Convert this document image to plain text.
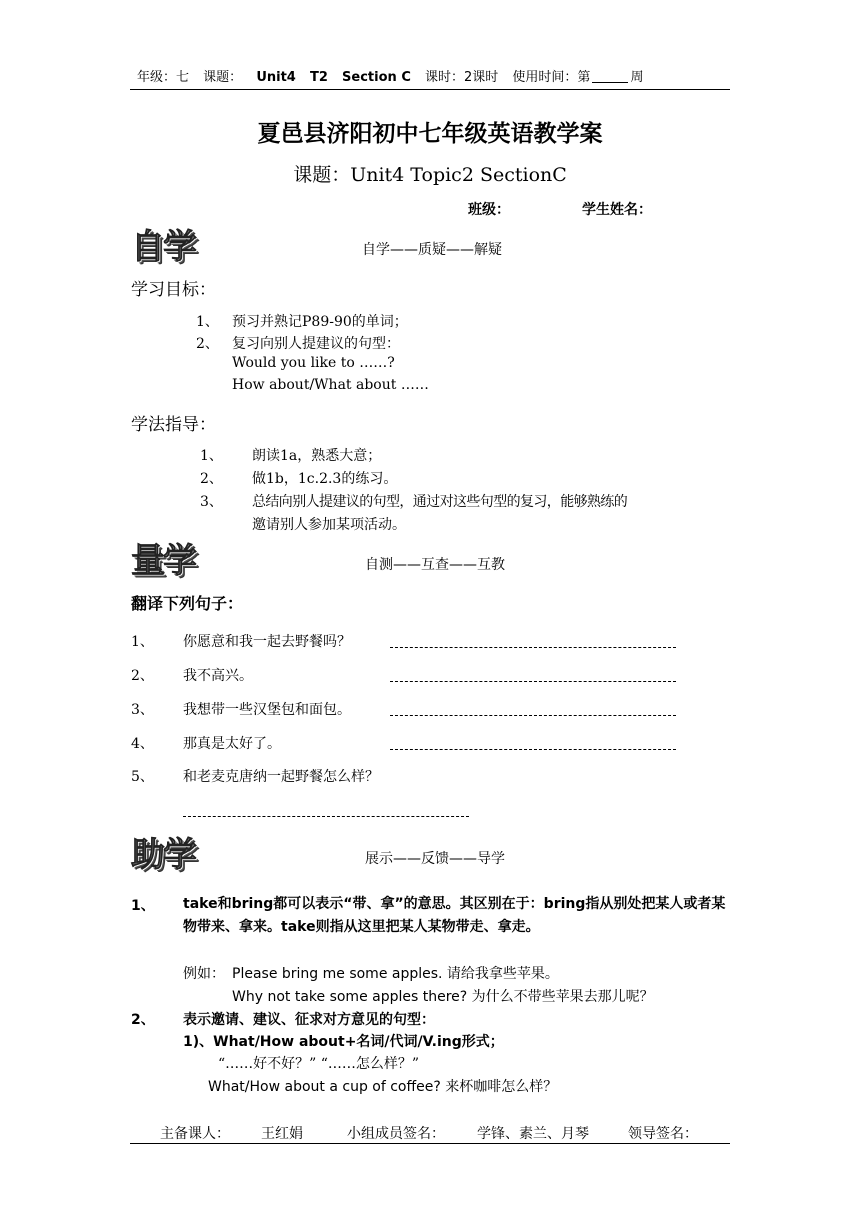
年级：七 课题： Unit4 T2 Section C 课时：2课时 使用时间：第	周
夏邑县济阳初中七年级英语教学案
课题：Unit4 Topic2 SectionC
班级：	学生姓名：
自学	自学——质疑——解疑
学习目标：
1、 预习并熟记P89-90的单词；
2、 复习向别人提建议的句型：
Would you like to ……?
How about/What about ……
学法指导：
1、 朗读1a，熟悉大意；
2、 做1b，1c.2.3的练习。
3、 总结向别人提建议的句型，通过对这些句型的复习，能够熟练的
邀请别人参加某项活动。
量学	自测——互查——互教
翻译下列句子：
1、 你愿意和我一起去野餐吗？
2、 我不高兴。
3、 我想带一些汉堡包和面包。
4、 那真是太好了。
5、 和老麦克唐纳一起野餐怎么样？
助学	展示——反馈——导学
1、 take和bring都可以表示“带、拿”的意思。其区别在于：bring指从别处把某人或者某物带来、拿来。take则指从这里把某人某物带走、拿走。
例如： Please bring me some apples. 请给我拿些苹果。
Why not take some apples there? 为什么不带些苹果去那儿呢？
2、 表示邀请、建议、征求对方意见的句型：
1)、What/How about+名词/代词/V.ing形式；
“……好不好？” “……怎么样？”
What/How about a cup of coffee? 来杯咖啡怎么样？
主备课人： 王红娟	小组成员签名： 学锋、素兰、月琴	领导签名：
